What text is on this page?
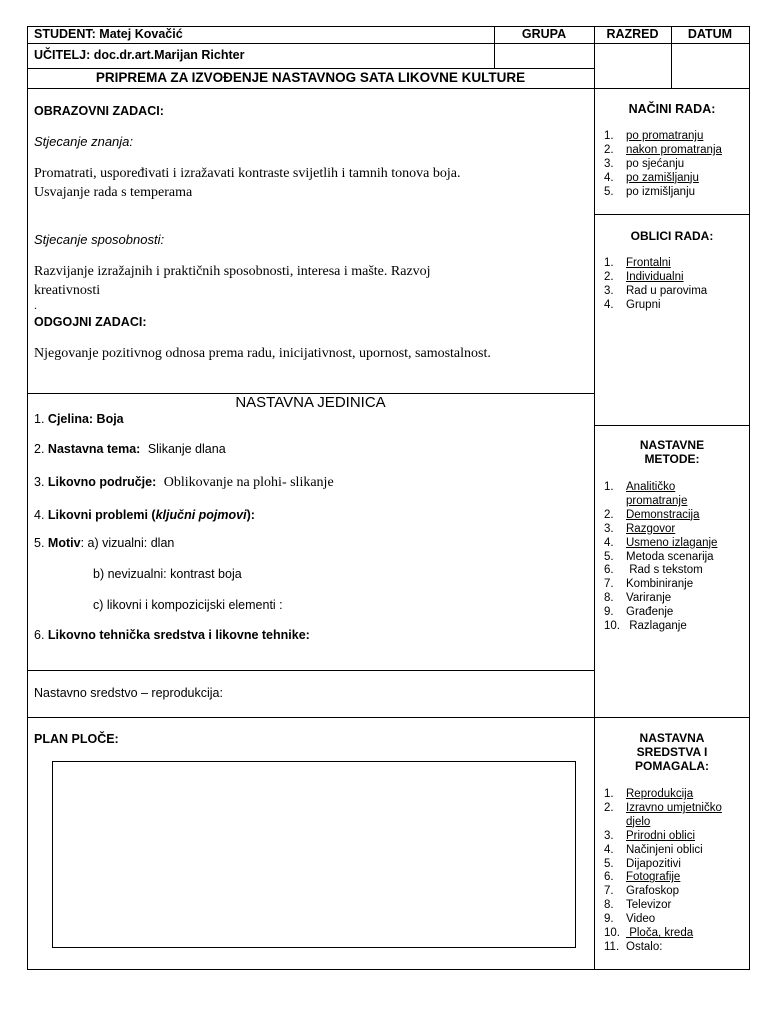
STUDENT: Matej Kovačić	GRUPA	RAZRED	DATUM
UČITELJ: doc.dr.art.Marijan Richter
PRIPREMA ZA IZVOĐENJE NASTAVNOG SATA LIKOVNE KULTURE
OBRAZOVNI ZADACI:
Stjecanje znanja:
Promatrati, uspoređivati i izražavati kontraste svijetlih i tamnih tonova boja.
Usvajanje rada s temperama
Stjecanje sposobnosti:
Razvijanje izražajnih i praktičnih sposobnosti, interesa i mašte. Razvoj
kreativnosti
.
ODGOJNI ZADACI:
Njegovanje pozitivnog odnosa prema radu, inicijativnost, upornost, samostalnost.
NASTAVNA JEDINICA
1. Cjelina: Boja
2. Nastavna tema: Slikanje dlana
3. Likovno područje: Oblikovanje na plohi- slikanje
4. Likovni problemi (ključni pojmovi):
5. Motiv: a) vizualni: dlan
b) nevizualni: kontrast boja
c) likovni i kompozicijski elementi :
6. Likovno tehnička sredstva i likovne tehnike:
Nastavno sredstvo – reprodukcija:
PLAN PLOČE:
NAČINI RADA:
1. po promatranju
2. nakon promatranja
3. po sjećanju
4. po zamišljanju
5. po izmišljanju
OBLICI RADA:
1. Frontalni
2. Individualni
3. Rad u parovima
4. Grupni
NASTAVNE
METODE:
1. Analitičko
promatranje
2. Demonstracija
3. Razgovor
4. Usmeno izlaganje
5. Metoda scenarija
6. Rad s tekstom
7. Kombiniranje
8. Variranje
9. Građenje
10. Razlaganje
NASTAVNA
SREDSTVA I
POMAGALA:
1. Reprodukcija
2. Izravno umjetničko
djelo
3. Prirodni oblici
4. Načinjeni oblici
5. Dijapozitivi
6. Fotografije
7. Grafoskop
8. Televizor
9. Video
10. Ploča, kreda
11. Ostalo:
